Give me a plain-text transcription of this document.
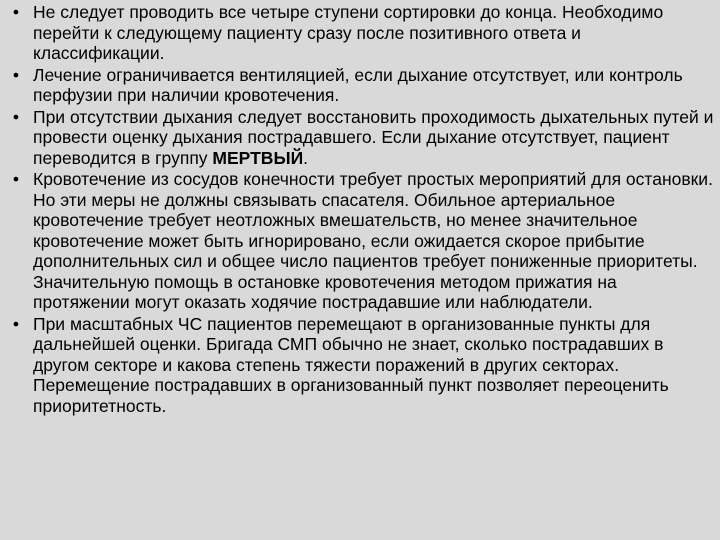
• Не следует проводить все четыре ступени сортировки до конца. Необходимо перейти к следующему пациенту сразу после позитивного ответа и классификации.
• Лечение ограничивается вентиляцией, если дыхание отсутствует, или контроль перфузии при наличии кровотечения.
• При отсутствии дыхания следует восстановить проходимость дыхательных путей и провести оценку дыхания пострадавшего. Если дыхание отсутствует, пациент переводится в группу МЕРТВЫЙ.
• Кровотечение из сосудов конечности требует простых мероприятий для остановки. Но эти меры не должны связывать спасателя. Обильное артериальное кровотечение требует неотложных вмешательств, но менее значительное кровотечение может быть игнорировано, если ожидается скорое прибытие дополнительных сил и общее число пациентов требует пониженные приоритеты. Значительную помощь в остановке кровотечения методом прижатия на протяжении могут оказать ходячие пострадавшие или наблюдатели.
• При масштабных ЧС пациентов перемещают в организованные пункты для дальнейшей оценки. Бригада СМП обычно не знает, сколько пострадавших в другом секторе и какова степень тяжести поражений в других секторах. Перемещение пострадавших в организованный пункт позволяет переоценить приоритетность.
